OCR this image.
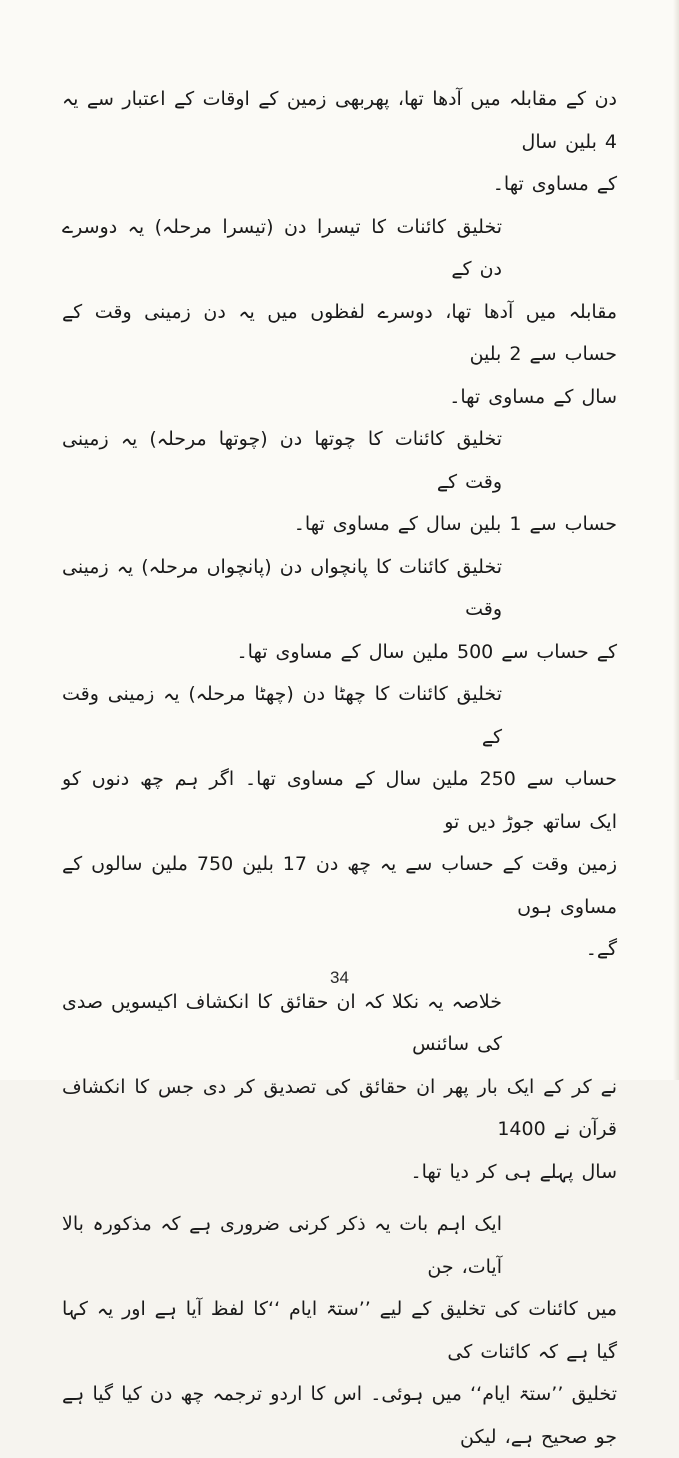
دن کے مقابلہ میں آدھا تھا، پھربھی زمین کے اوقات کے اعتبار سے یہ 4 بلین سال

کے مساوی تھا۔

تخلیق کائنات کا تیسرا دن (تیسرا مرحلہ) یہ دوسرے دن کے

مقابلہ میں آدھا تھا، دوسرے لفظوں میں یہ دن زمینی وقت کے حساب سے 2 بلین

سال کے مساوی تھا۔

تخلیق کائنات کا چوتھا دن (چوتھا مرحلہ) یہ زمینی وقت کے

حساب سے 1 بلین سال کے مساوی تھا۔

تخلیق کائنات کا پانچواں دن (پانچواں مرحلہ) یہ زمینی وقت

کے حساب سے 500 ملین سال کے مساوی تھا۔

تخلیق کائنات کا چھٹا دن (چھٹا مرحلہ) یہ زمینی وقت کے

حساب سے 250 ملین سال کے مساوی تھا۔ اگر ہم چھ دنوں کو ایک ساتھ جوڑ دیں تو

زمین وقت کے حساب سے یہ چھ دن 17 بلین 750 ملین سالوں کے مساوی ہوں

گے۔

خلاصہ یہ نکلا کہ ان حقائق کا انکشاف اکیسویں صدی کی سائنس

نے کر کے ایک بار پھر ان حقائق کی تصدیق کر دی جس کا انکشاف قرآن نے 1400

سال پہلے ہی کر دیا تھا۔

ایک اہم بات یہ ذکر کرنی ضروری ہے کہ مذکورہ بالا آیات، جن

میں کائنات کی تخلیق کے لیے ’’ستۃ ایام ‘‘کا لفظ آیا ہے اور یہ کہا گیا ہے کہ کائنات کی

تخلیق ’’ستۃ ایام‘‘ میں ہوئی۔ اس کا اردو ترجمہ چھ دن کیا گیا ہے جو صحیح ہے، لیکن

34
